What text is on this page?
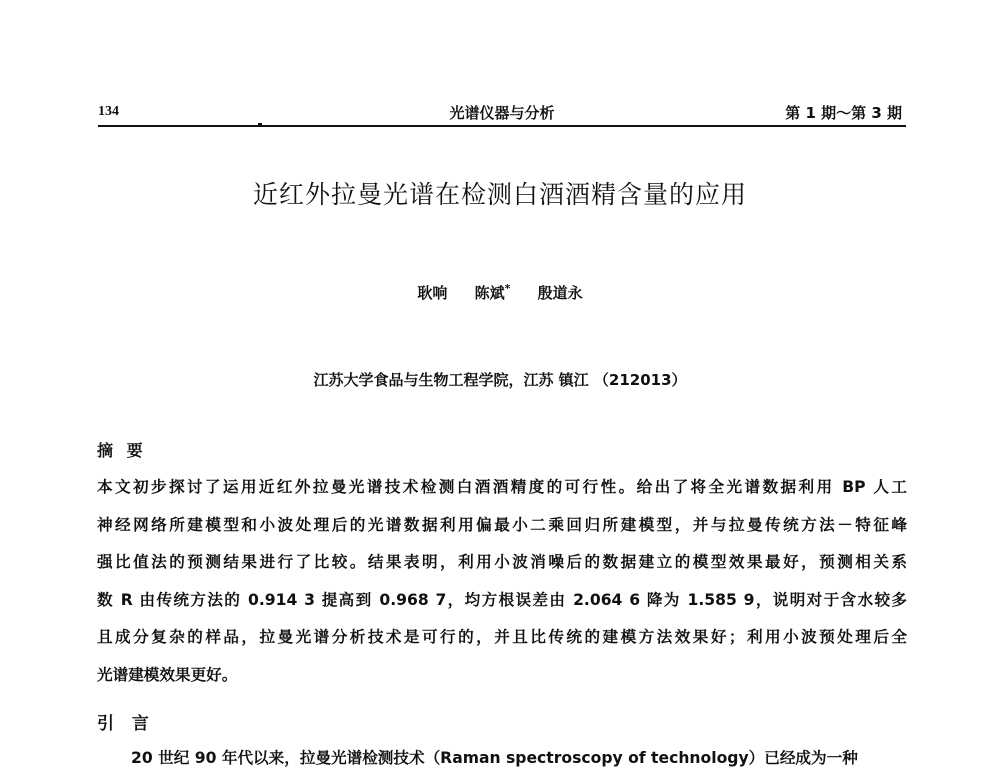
134	光谱仪器与分析	第 1 期～第 3 期
近红外拉曼光谱在检测白酒酒精含量的应用
耿响 陈斌* 殷道永
江苏大学食品与生物工程学院，江苏 镇江 （212013）
摘 要
本文初步探讨了运用近红外拉曼光谱技术检测白酒酒精度的可行性。给出了将全光谱数据利用 BP 人工
神经网络所建模型和小波处理后的光谱数据利用偏最小二乘回归所建模型，并与拉曼传统方法－特征峰
强比值法的预测结果进行了比较。结果表明，利用小波消噪后的数据建立的模型效果最好，预测相关系
数 R 由传统方法的 0.914 3 提高到 0.968 7，均方根误差由 2.064 6 降为 1.585 9，说明对于含水较多
且成分复杂的样品，拉曼光谱分析技术是可行的，并且比传统的建模方法效果好；利用小波预处理后全
光谱建模效果更好。
引 言
20 世纪 90 年代以来，拉曼光谱检测技术（Raman spectroscopy of technology）已经成为一种
